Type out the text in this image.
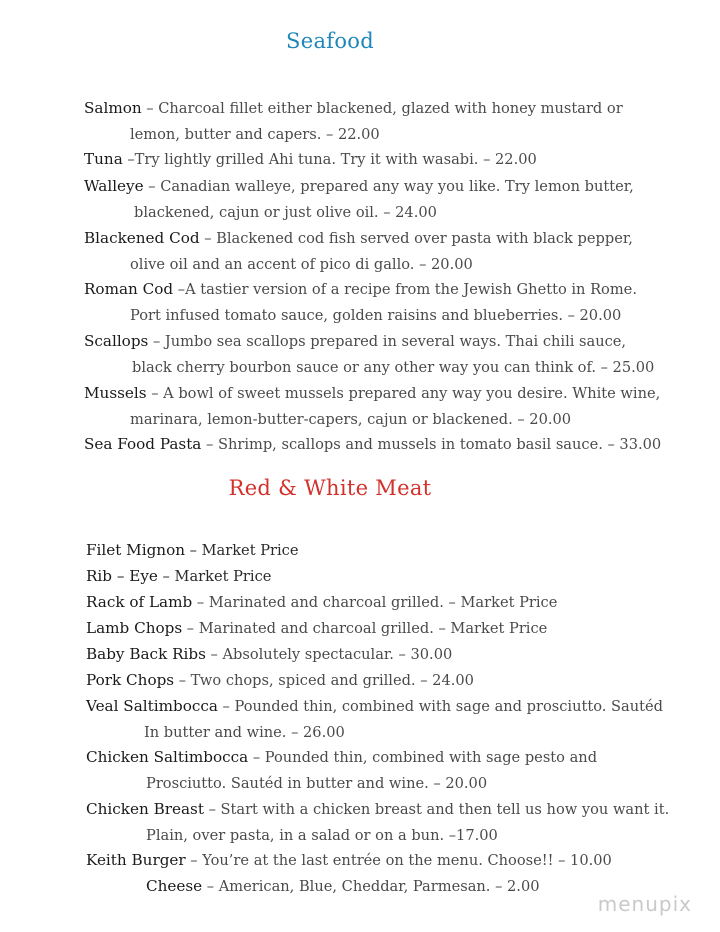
Seafood
Salmon – Charcoal fillet either blackened, glazed with honey mustard or
lemon, butter and capers. – 22.00
Tuna –Try lightly grilled Ahi tuna. Try it with wasabi. – 22.00
Walleye – Canadian walleye, prepared any way you like. Try lemon butter,
blackened, cajun or just olive oil. – 24.00
Blackened Cod – Blackened cod fish served over pasta with black pepper,
olive oil and an accent of pico di gallo. – 20.00
Roman Cod –A tastier version of a recipe from the Jewish Ghetto in Rome.
Port infused tomato sauce, golden raisins and blueberries. – 20.00
Scallops – Jumbo sea scallops prepared in several ways. Thai chili sauce,
black cherry bourbon sauce or any other way you can think of. – 25.00
Mussels – A bowl of sweet mussels prepared any way you desire. White wine,
marinara, lemon-butter-capers, cajun or blackened. – 20.00
Sea Food Pasta – Shrimp, scallops and mussels in tomato basil sauce. – 33.00
Red & White Meat
Filet Mignon – Market Price
Rib – Eye – Market Price
Rack of Lamb – Marinated and charcoal grilled. – Market Price
Lamb Chops – Marinated and charcoal grilled. – Market Price
Baby Back Ribs – Absolutely spectacular. – 30.00
Pork Chops – Two chops, spiced and grilled. – 24.00
Veal Saltimbocca – Pounded thin, combined with sage and prosciutto. Sautéd
In butter and wine. – 26.00
Chicken Saltimbocca – Pounded thin, combined with sage pesto and
Prosciutto. Sautéd in butter and wine. – 20.00
Chicken Breast – Start with a chicken breast and then tell us how you want it.
Plain, over pasta, in a salad or on a bun. –17.00
Keith Burger – You’re at the last entrée on the menu. Choose!! – 10.00
Cheese – American, Blue, Cheddar, Parmesan. – 2.00
menupix
